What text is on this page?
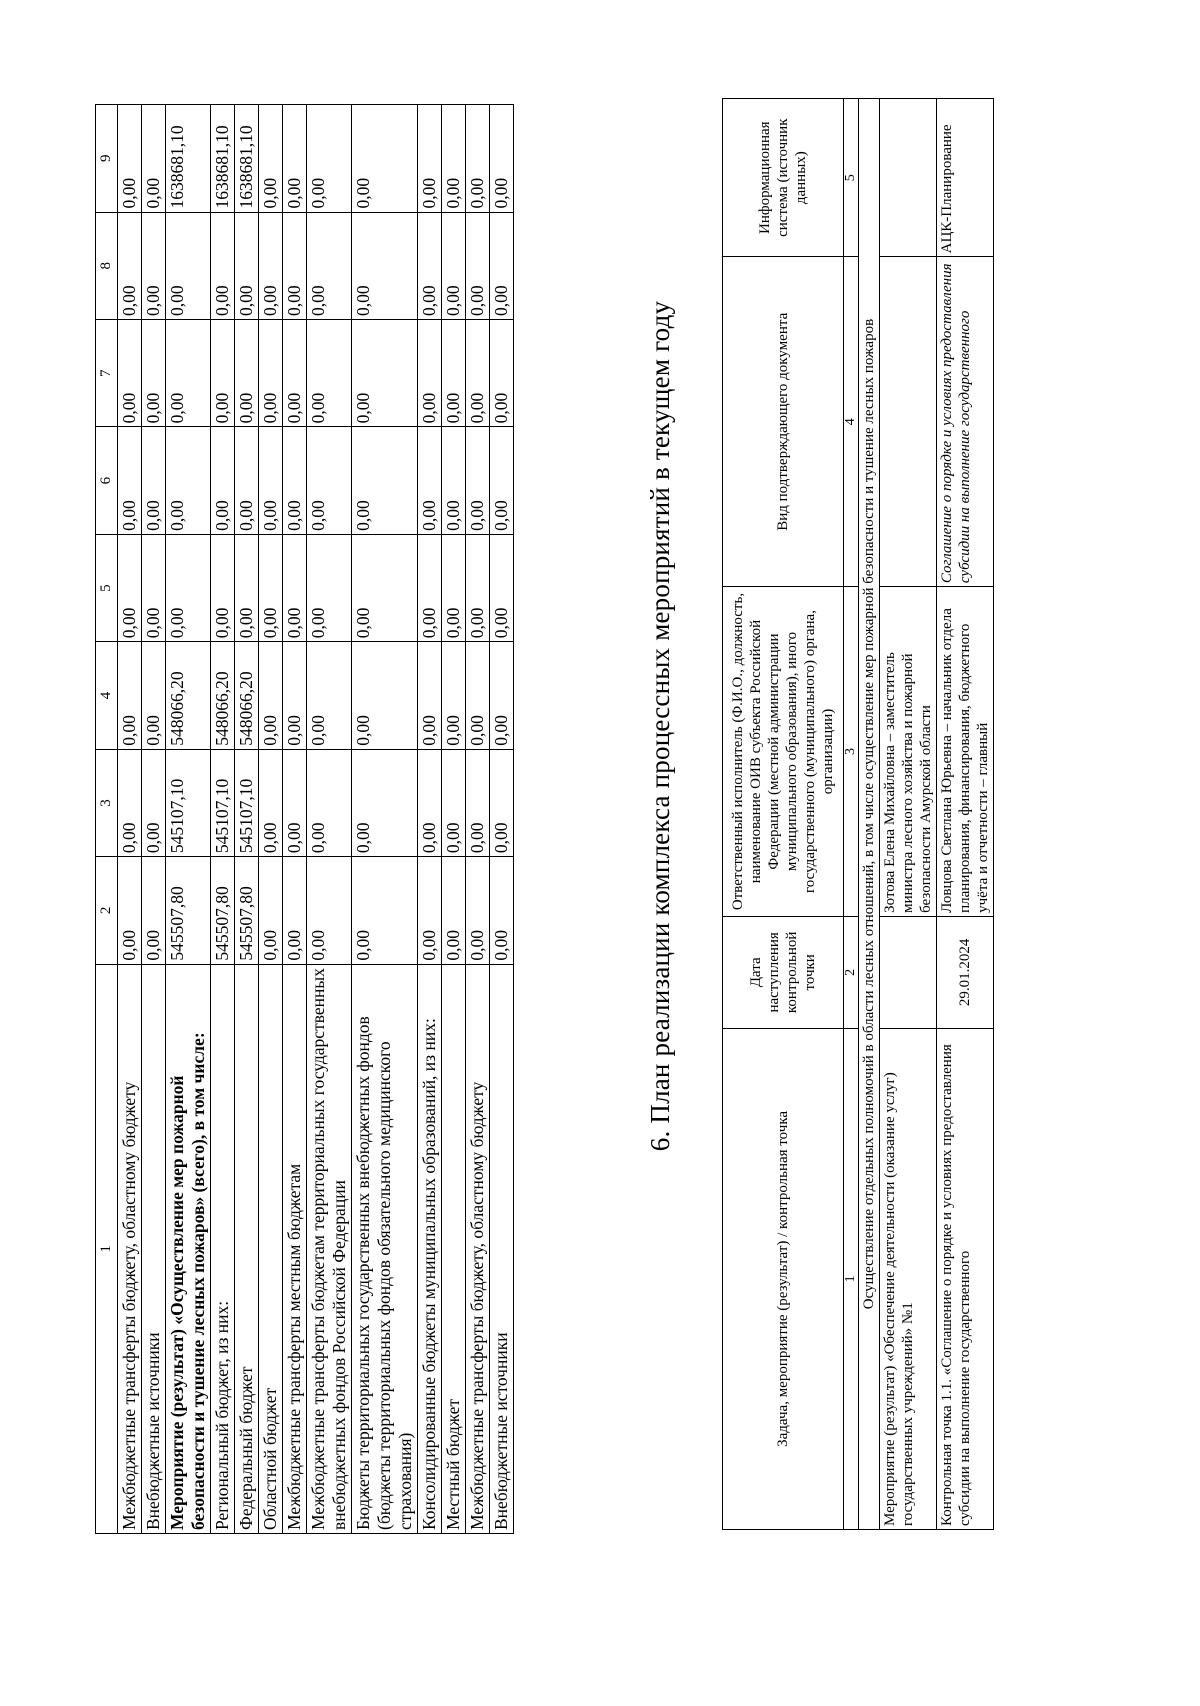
1	2	3	4	5	6	7	8	9
Межбюджетные трансферты бюджету, областному бюджету	0,00	0,00	0,00	0,00	0,00	0,00	0,00	0,00
Внебюджетные источники	0,00	0,00	0,00	0,00	0,00	0,00	0,00	0,00
Мероприятие (результат) «Осуществление мер пожарной безопасности и тушение лесных пожаров» (всего), в том числе:	545507,80	545107,10	548066,20	0,00	0,00	0,00	0,00	1638681,10
Региональный бюджет, из них:	545507,80	545107,10	548066,20	0,00	0,00	0,00	0,00	1638681,10
Федеральный бюджет	545507,80	545107,10	548066,20	0,00	0,00	0,00	0,00	1638681,10
Областной бюджет	0,00	0,00	0,00	0,00	0,00	0,00	0,00	0,00
Межбюджетные трансферты местным бюджетам	0,00	0,00	0,00	0,00	0,00	0,00	0,00	0,00
Межбюджетные трансферты бюджетам территориальных государственных внебюджетных фондов Российской Федерации	0,00	0,00	0,00	0,00	0,00	0,00	0,00	0,00
Бюджеты территориальных государственных внебюджетных фондов (бюджеты территориальных фондов обязательного медицинского страхования)	0,00	0,00	0,00	0,00	0,00	0,00	0,00	0,00
Консолидированные бюджеты муниципальных образований, из них:	0,00	0,00	0,00	0,00	0,00	0,00	0,00	0,00
Местный бюджет	0,00	0,00	0,00	0,00	0,00	0,00	0,00	0,00
Межбюджетные трансферты бюджету, областному бюджету	0,00	0,00	0,00	0,00	0,00	0,00	0,00	0,00
Внебюджетные источники	0,00	0,00	0,00	0,00	0,00	0,00	0,00	0,00
6. План реализации комплекса процессных мероприятий в текущем году
Задача, мероприятие (результат) / контрольная точка	Дата наступления контрольной точки	Ответственный исполнитель (Ф.И.О., должность, наименование ОИВ субъекта Российской Федерации (местной администрации муниципального образования), иного государственного (муниципального) органа, организации)	Вид подтверждающего документа	Информационная система (источник данных)
1	2	3	4	5
Осуществление отдельных полномочий в области лесных отношений, в том числе осуществление мер пожарной безопасности и тушение лесных пожаров				
Мероприятие (результат) «Обеспечение деятельности (оказание услуг) государственных учреждений» №1		Зотова Елена Михайловна – заместитель министра лесного хозяйства и пожарной безопасности Амурской области		
Контрольная точка 1.1. «Соглашение о порядке и условиях предоставления субсидии на выполнение государственного	29.01.2024	Ловцова Светлана Юрьевна – начальник отдела планирования, финансирования, бюджетного учёта и отчетности – главный	Соглашение о порядке и условиях предоставления субсидии на выполнение государственного	АЦК-Планирование
